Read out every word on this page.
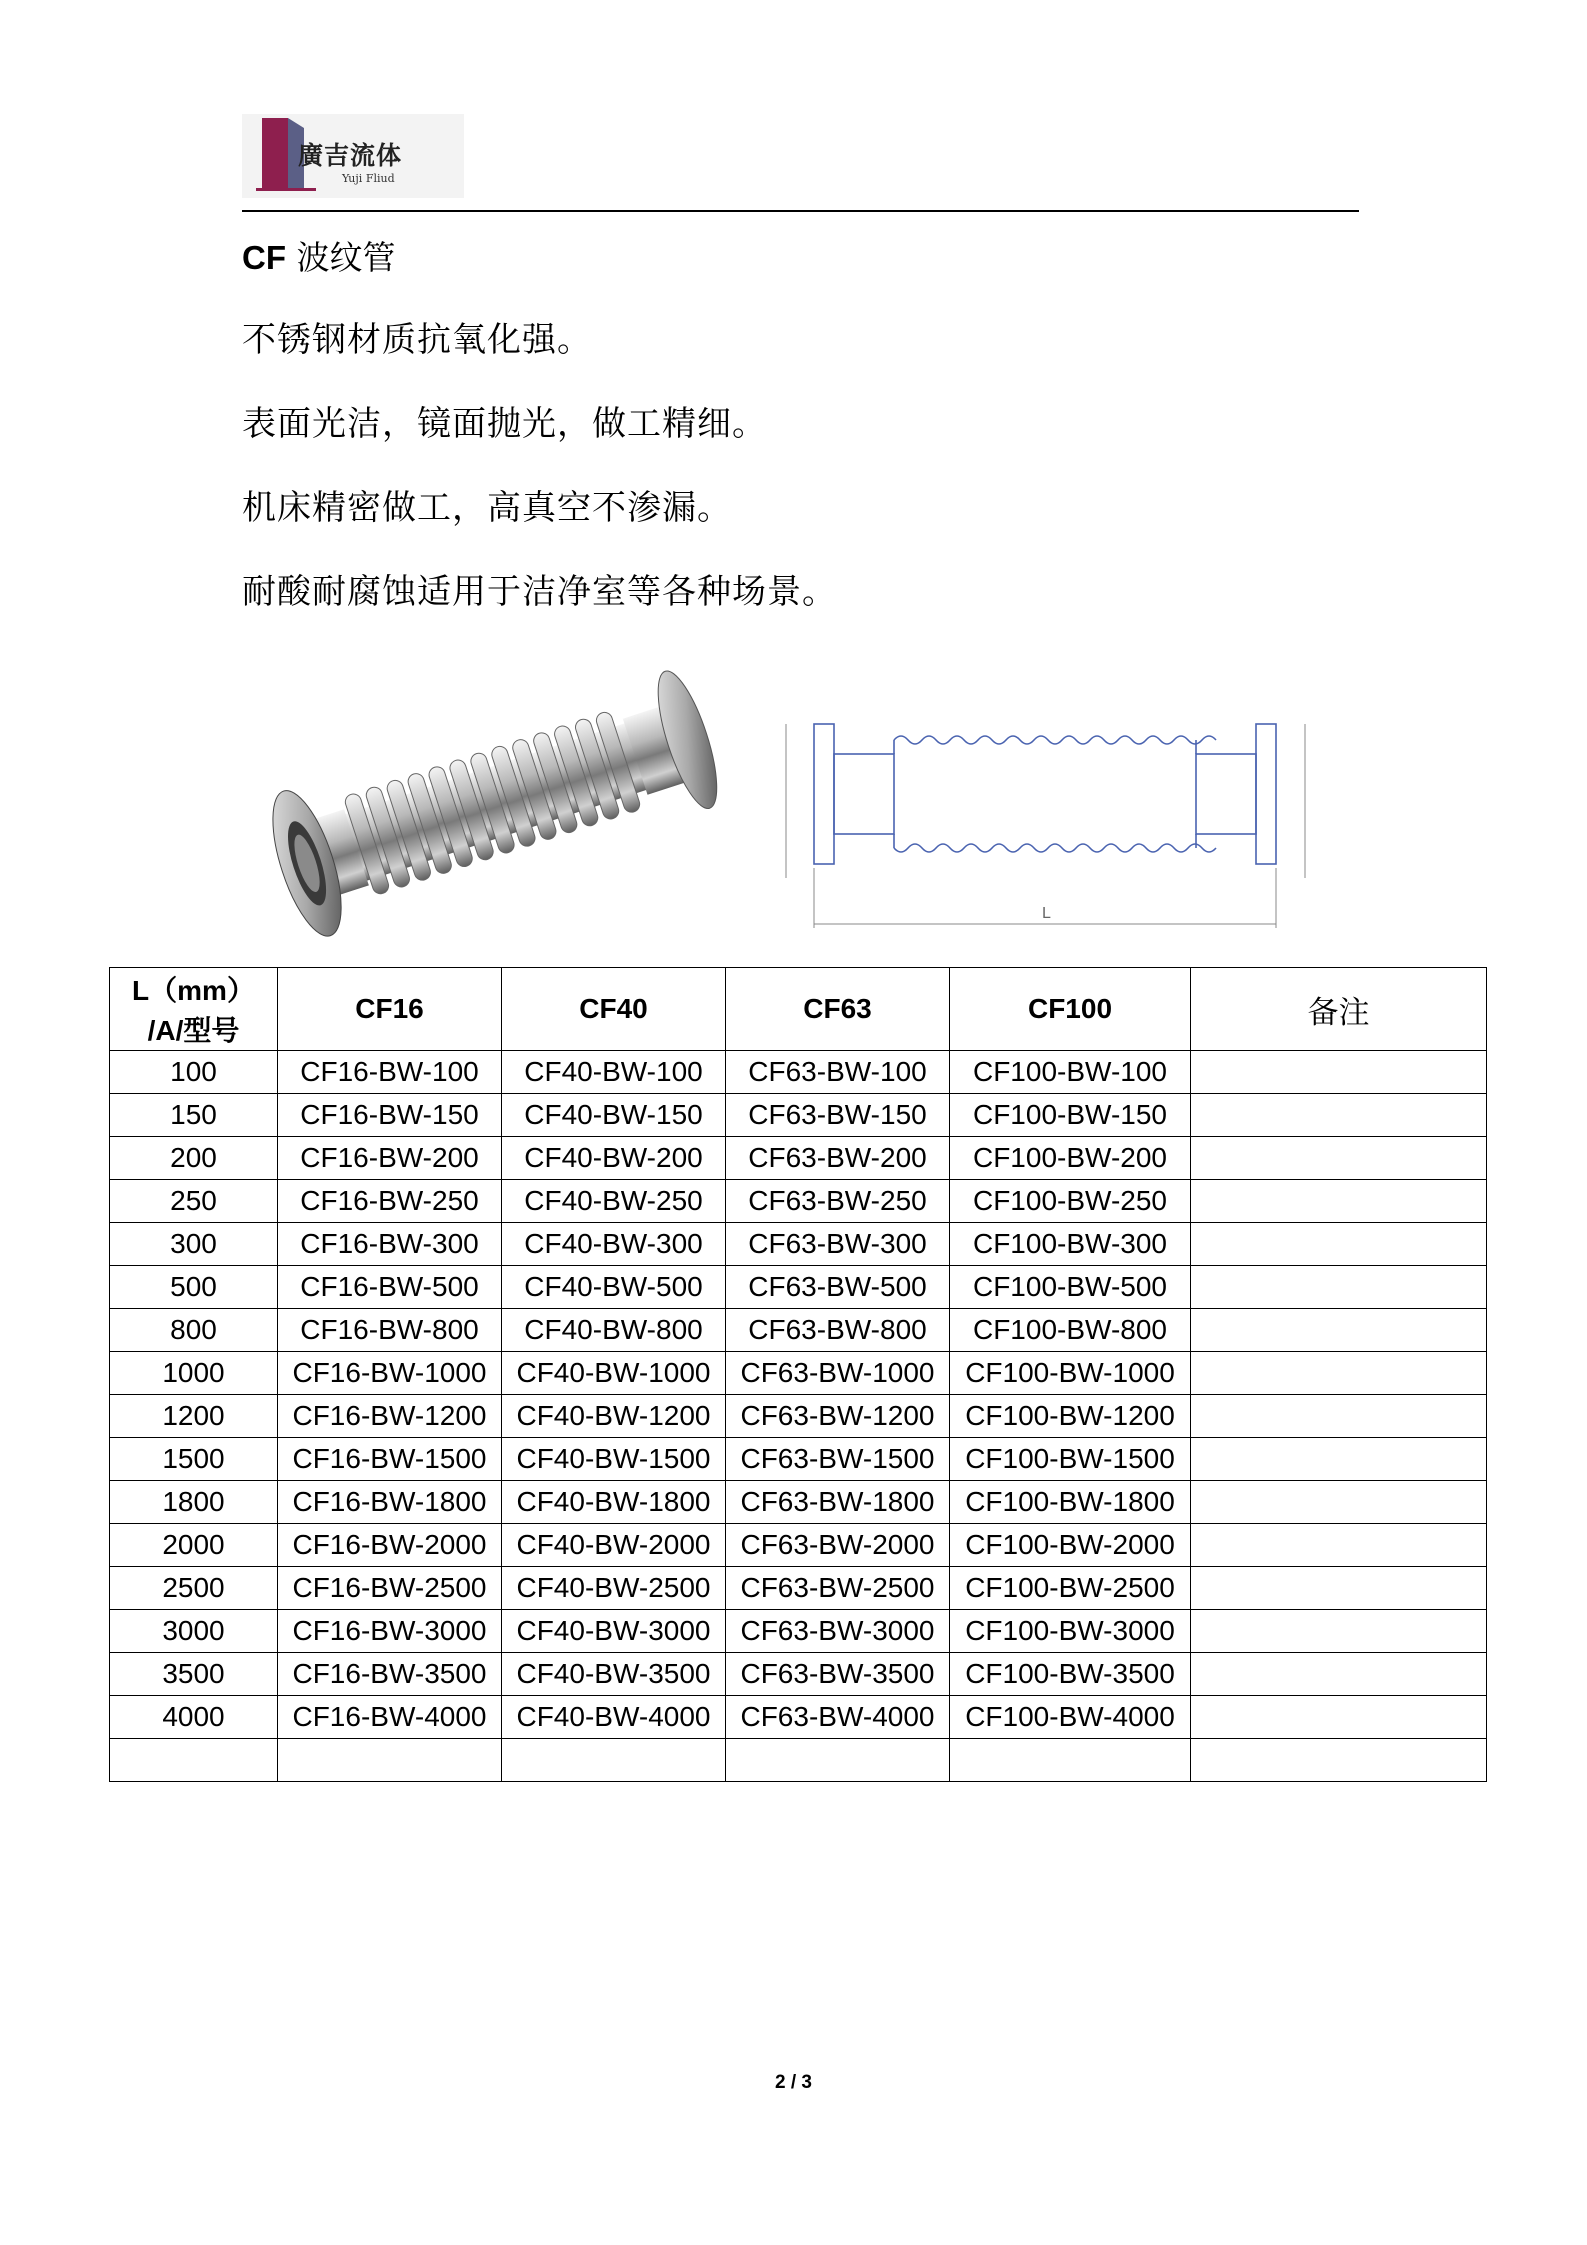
廣吉流体
Yuji Fliud
CF 波纹管
不锈钢材质抗氧化强。
表面光洁，镜面抛光，做工精细。
机床精密做工，高真空不渗漏。
耐酸耐腐蚀适用于洁净室等各种场景。
L
L（mm）
/A/型号	CF16	CF40	CF63	CF100	备注
100	CF16-BW-100	CF40-BW-100	CF63-BW-100	CF100-BW-100	
150	CF16-BW-150	CF40-BW-150	CF63-BW-150	CF100-BW-150	
200	CF16-BW-200	CF40-BW-200	CF63-BW-200	CF100-BW-200	
250	CF16-BW-250	CF40-BW-250	CF63-BW-250	CF100-BW-250	
300	CF16-BW-300	CF40-BW-300	CF63-BW-300	CF100-BW-300	
500	CF16-BW-500	CF40-BW-500	CF63-BW-500	CF100-BW-500	
800	CF16-BW-800	CF40-BW-800	CF63-BW-800	CF100-BW-800	
1000	CF16-BW-1000	CF40-BW-1000	CF63-BW-1000	CF100-BW-1000	
1200	CF16-BW-1200	CF40-BW-1200	CF63-BW-1200	CF100-BW-1200	
1500	CF16-BW-1500	CF40-BW-1500	CF63-BW-1500	CF100-BW-1500	
1800	CF16-BW-1800	CF40-BW-1800	CF63-BW-1800	CF100-BW-1800	
2000	CF16-BW-2000	CF40-BW-2000	CF63-BW-2000	CF100-BW-2000	
2500	CF16-BW-2500	CF40-BW-2500	CF63-BW-2500	CF100-BW-2500	
3000	CF16-BW-3000	CF40-BW-3000	CF63-BW-3000	CF100-BW-3000	
3500	CF16-BW-3500	CF40-BW-3500	CF63-BW-3500	CF100-BW-3500	
4000	CF16-BW-4000	CF40-BW-4000	CF63-BW-4000	CF100-BW-4000	

2 / 3
